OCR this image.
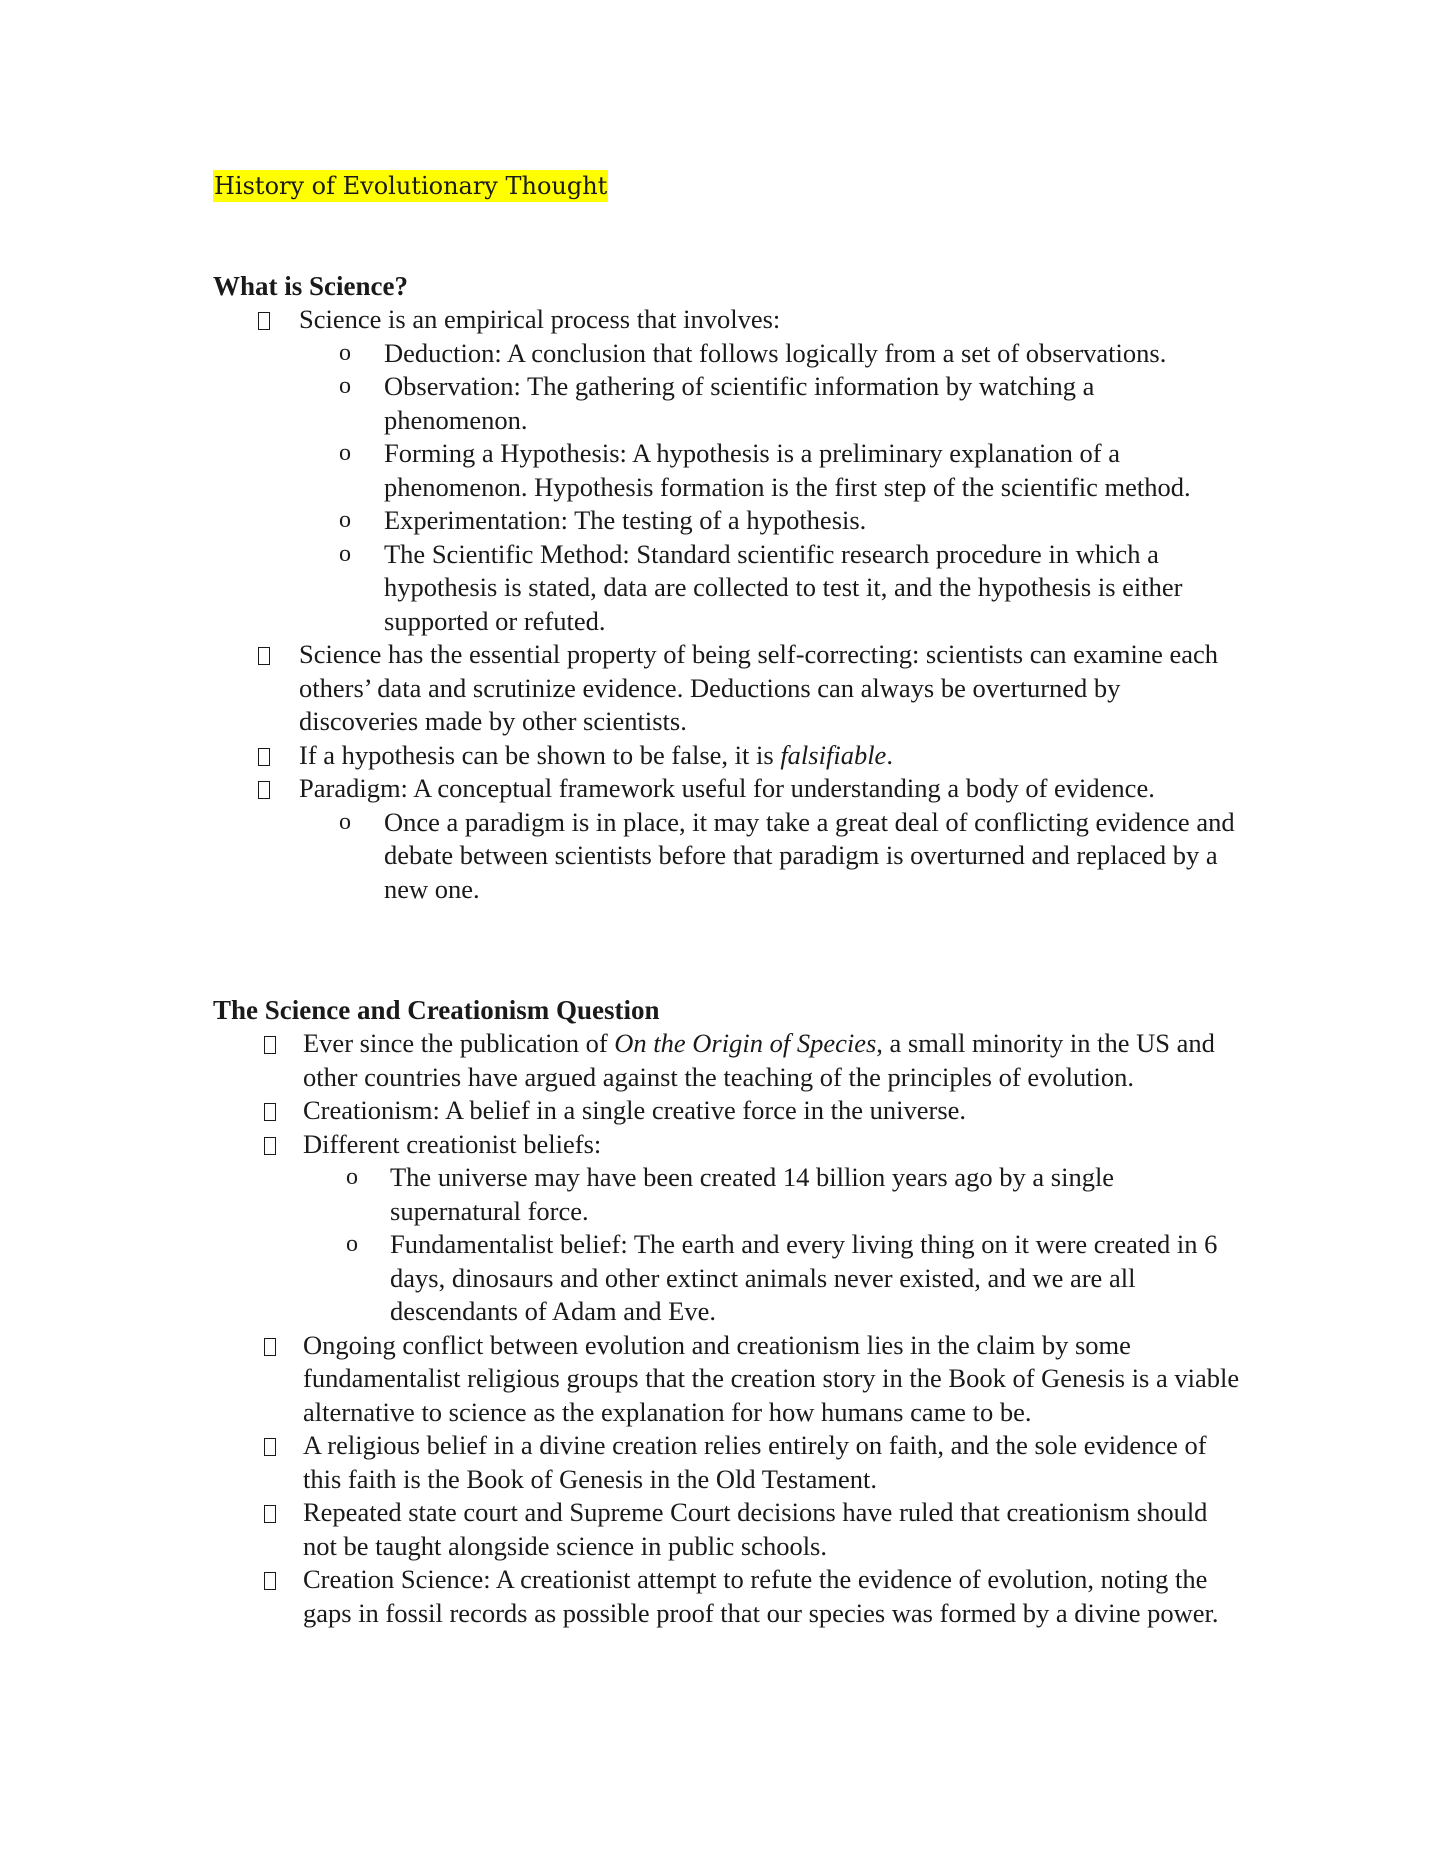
History of Evolutionary Thought
What is Science?
Science is an empirical process that involves:
o Deduction: A conclusion that follows logically from a set of observations.
o Observation: The gathering of scientific information by watching a phenomenon.
o Forming a Hypothesis: A hypothesis is a preliminary explanation of a phenomenon. Hypothesis formation is the first step of the scientific method.
o Experimentation: The testing of a hypothesis.
o The Scientific Method: Standard scientific research procedure in which a hypothesis is stated, data are collected to test it, and the hypothesis is either supported or refuted.
Science has the essential property of being self-correcting: scientists can examine each others’ data and scrutinize evidence. Deductions can always be overturned by discoveries made by other scientists.
If a hypothesis can be shown to be false, it is falsifiable.
Paradigm: A conceptual framework useful for understanding a body of evidence.
o Once a paradigm is in place, it may take a great deal of conflicting evidence and debate between scientists before that paradigm is overturned and replaced by a new one.
The Science and Creationism Question
Ever since the publication of On the Origin of Species, a small minority in the US and other countries have argued against the teaching of the principles of evolution.
Creationism: A belief in a single creative force in the universe.
Different creationist beliefs:
o The universe may have been created 14 billion years ago by a single supernatural force.
o Fundamentalist belief: The earth and every living thing on it were created in 6 days, dinosaurs and other extinct animals never existed, and we are all descendants of Adam and Eve.
Ongoing conflict between evolution and creationism lies in the claim by some fundamentalist religious groups that the creation story in the Book of Genesis is a viable alternative to science as the explanation for how humans came to be.
A religious belief in a divine creation relies entirely on faith, and the sole evidence of this faith is the Book of Genesis in the Old Testament.
Repeated state court and Supreme Court decisions have ruled that creationism should not be taught alongside science in public schools.
Creation Science: A creationist attempt to refute the evidence of evolution, noting the gaps in fossil records as possible proof that our species was formed by a divine power.
